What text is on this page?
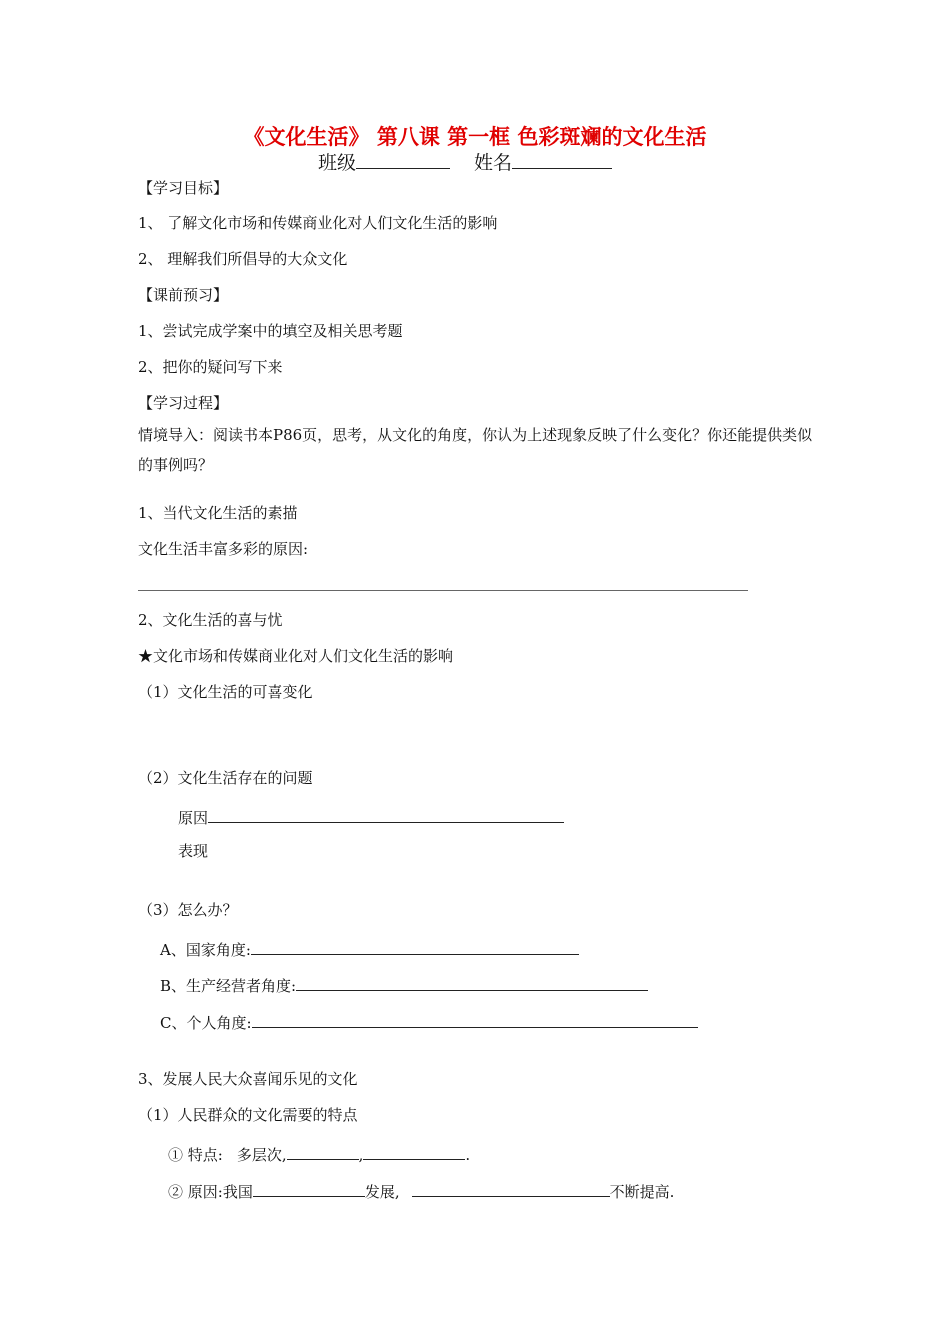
《文化生活》 第八课 第一框 色彩斑斓的文化生活
班级	姓名
【学习目标】
1、 了解文化市场和传媒商业化对人们文化生活的影响
2、 理解我们所倡导的大众文化
【课前预习】
1、尝试完成学案中的填空及相关思考题
2、把你的疑问写下来
【学习过程】
情境导入：阅读书本P86页，思考，从文化的角度，你认为上述现象反映了什么变化？你还能提供类似的事例吗？
1、当代文化生活的素描
文化生活丰富多彩的原因:
2、文化生活的喜与忧
★文化市场和传媒商业化对人们文化生活的影响
（1）文化生活的可喜变化
（2）文化生活存在的问题
原因
表现
（3）怎么办？
A、国家角度:
B、生产经营者角度:
C、个人角度:
3、发展人民大众喜闻乐见的文化
（1）人民群众的文化需要的特点
① 特点: 多层次,	,	.
② 原因:我国	发展,	不断提高.
